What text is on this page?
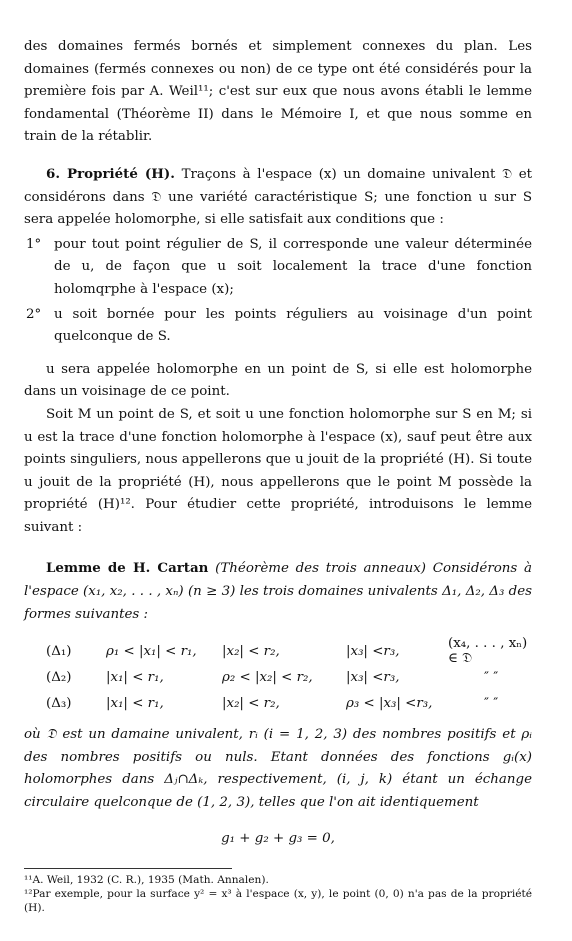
des domaines fermés bornés et simplement connexes du plan. Les domaines (fermés connexes ou non) de ce type ont été considérés pour la première fois par A. Weil¹¹; c'est sur eux que nous avons établi le lemme fondamental (Théorème II) dans le Mémoire I, et que nous somme en train de la rétablir.

6. Propriété (H). Traçons à l'espace (x) un domaine univalent 𝔇 et considérons dans 𝔇 une variété caractéristique S; une fonction u sur S sera appelée holomorphe, si elle satisfait aux conditions que :

1° pour tout point régulier de S, il corresponde une valeur déterminée de u, de façon que u soit localement la trace d'une fonction holomqrphe à l'espace (x);
2° u soit bornée pour les points réguliers au voisinage d'un point quelconque de S.

u sera appelée holomorphe en un point de S, si elle est holomorphe dans un voisinage de ce point.

Soit M un point de S, et soit u une fonction holomorphe sur S en M; si u est la trace d'une fonction holomorphe à l'espace (x), sauf peut être aux points singuliers, nous appellerons que u jouit de la propriété (H). Si toute u jouit de la propriété (H), nous appellerons que le point M possède la propriété (H)¹². Pour étudier cette propriété, introduisons le lemme suivant :

Lemme de H. Cartan (Théorème des trois anneaux) Considérons à l'espace (x₁, x₂, . . . , xₙ) (n ≥ 3) les trois domaines univalents Δ₁, Δ₂, Δ₃ des formes suivantes :

(Δ₁)	ρ₁ < |x₁| < r₁,	|x₂| < r₂,	|x₃| <r₃,	(x₄, . . . , xₙ) ∈ 𝔇
(Δ₂)	|x₁| < r₁,	ρ₂ < |x₂| < r₂,	|x₃| <r₃,	″ ″
(Δ₃)	|x₁| < r₁,	|x₂| < r₂,	ρ₃ < |x₃| <r₃,	″ ″

où 𝔇 est un damaine univalent, rᵢ (i = 1, 2, 3) des nombres positifs et ρᵢ des nombres positifs ou nuls. Etant données des fonctions gᵢ(x) holomorphes dans Δⱼ∩Δₖ, respectivement, (i, j, k) étant un échange circulaire quelconque de (1, 2, 3), telles que l'on ait identiquement

g₁ + g₂ + g₃ = 0,
¹¹A. Weil, 1932 (C. R.), 1935 (Math. Annalen).
¹²Par exemple, pour la surface y² = x³ à l'espace (x, y), le point (0, 0) n'a pas de la propriété (H).
